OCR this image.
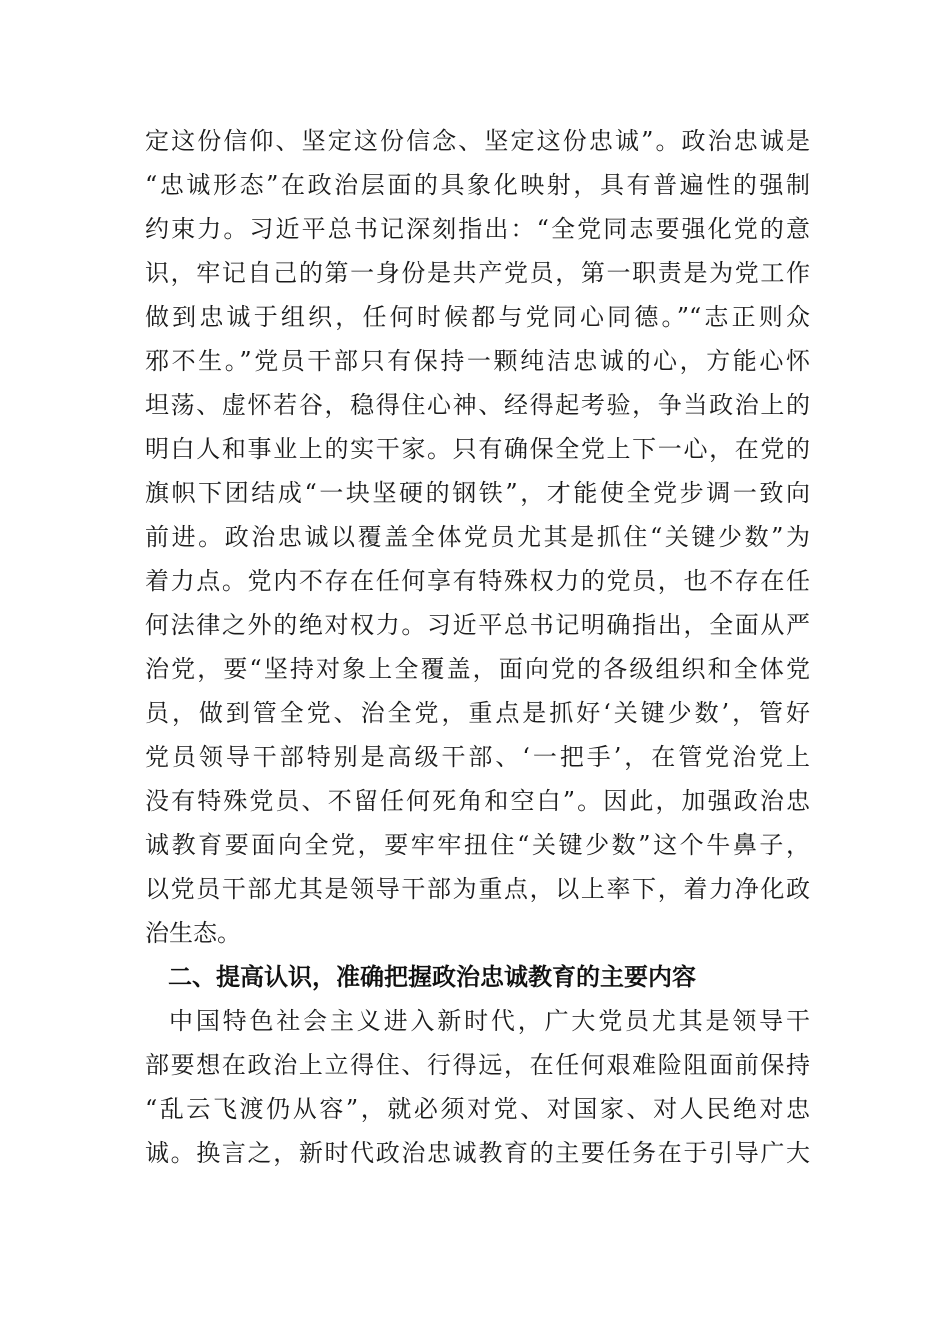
定这份信仰、坚定这份信念、坚定这份忠诚”。政治忠诚是
“忠诚形态”在政治层面的具象化映射，具有普遍性的强制
约束力。习近平总书记深刻指出：“全党同志要强化党的意
识，牢记自己的第一身份是共产党员，第一职责是为党工作
做到忠诚于组织，任何时候都与党同心同德。”“志正则众
邪不生。”党员干部只有保持一颗纯洁忠诚的心，方能心怀
坦荡、虚怀若谷，稳得住心神、经得起考验，争当政治上的
明白人和事业上的实干家。只有确保全党上下一心，在党的
旗帜下团结成“一块坚硬的钢铁”，才能使全党步调一致向
前进。政治忠诚以覆盖全体党员尤其是抓住“关键少数”为
着力点。党内不存在任何享有特殊权力的党员，也不存在任
何法律之外的绝对权力。习近平总书记明确指出，全面从严
治党，要“坚持对象上全覆盖，面向党的各级组织和全体党
员，做到管全党、治全党，重点是抓好‘关键少数’，管好
党员领导干部特别是高级干部、‘一把手’，在管党治党上
没有特殊党员、不留任何死角和空白”。因此，加强政治忠
诚教育要面向全党，要牢牢扭住“关键少数”这个牛鼻子，
以党员干部尤其是领导干部为重点，以上率下，着力净化政
治生态。
二、提高认识，准确把握政治忠诚教育的主要内容
中国特色社会主义进入新时代，广大党员尤其是领导干
部要想在政治上立得住、行得远，在任何艰难险阻面前保持
“乱云飞渡仍从容”，就必须对党、对国家、对人民绝对忠
诚。换言之，新时代政治忠诚教育的主要任务在于引导广大
